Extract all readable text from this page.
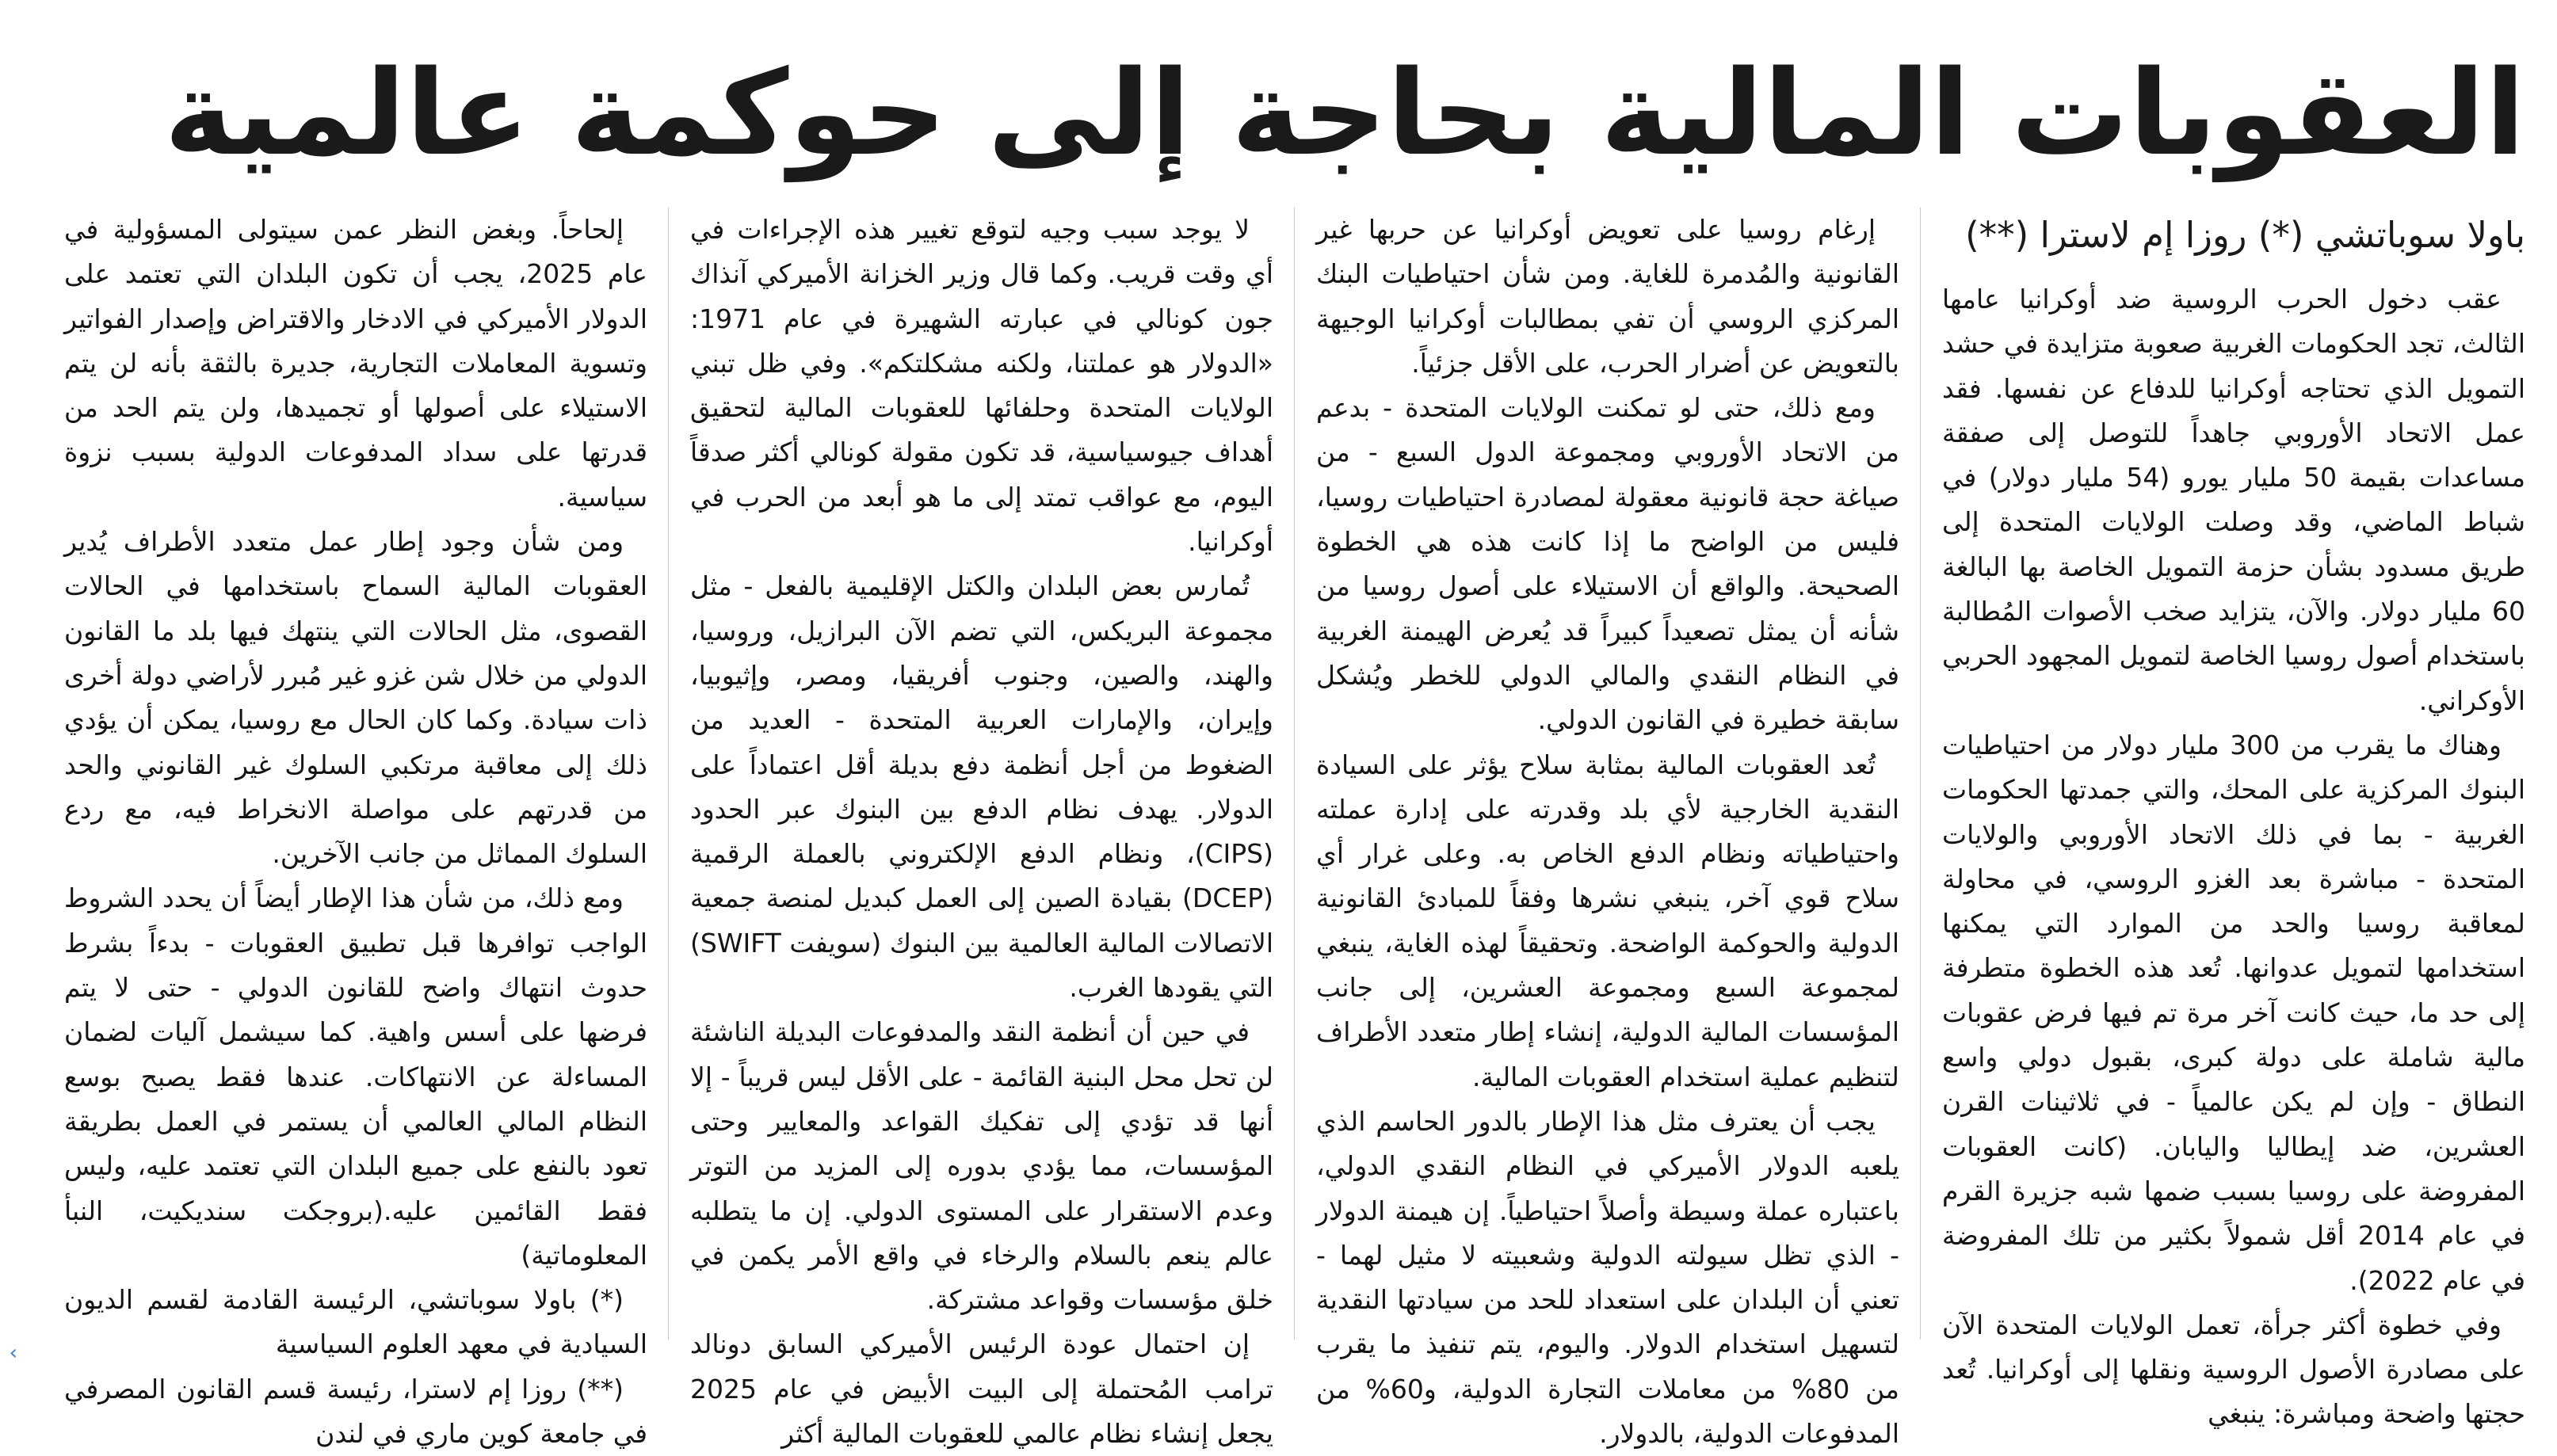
العقوبات المالية بحاجة إلى حوكمة عالمية
باولا سوباتشي (*) روزا إم لاسترا (**)

عقب دخول الحرب الروسية ضد أوكرانيا عامها الثالث، تجد الحكومات الغربية صعوبة متزايدة في حشد التمويل الذي تحتاجه أوكرانيا للدفاع عن نفسها. فقد عمل الاتحاد الأوروبي جاهداً للتوصل إلى صفقة مساعدات بقيمة 50 مليار يورو (54 مليار دولار) في شباط الماضي، وقد وصلت الولايات المتحدة إلى طريق مسدود بشأن حزمة التمويل الخاصة بها البالغة 60 مليار دولار. والآن، يتزايد صخب الأصوات المُطالبة باستخدام أصول روسيا الخاصة لتمويل المجهود الحربي الأوكراني.

وهناك ما يقرب من 300 مليار دولار من احتياطيات البنوك المركزية على المحك، والتي جمدتها الحكومات الغربية - بما في ذلك الاتحاد الأوروبي والولايات المتحدة - مباشرة بعد الغزو الروسي، في محاولة لمعاقبة روسيا والحد من الموارد التي يمكنها استخدامها لتمويل عدوانها. تُعد هذه الخطوة متطرفة إلى حد ما، حيث كانت آخر مرة تم فيها فرض عقوبات مالية شاملة على دولة كبرى، بقبول دولي واسع النطاق - وإن لم يكن عالمياً - في ثلاثينات القرن العشرين، ضد إيطاليا واليابان. (كانت العقوبات المفروضة على روسيا بسبب ضمها شبه جزيرة القرم في عام 2014 أقل شمولاً بكثير من تلك المفروضة في عام 2022).

وفي خطوة أكثر جرأة، تعمل الولايات المتحدة الآن على مصادرة الأصول الروسية ونقلها إلى أوكرانيا. تُعد حجتها واضحة ومباشرة: ينبغي

إرغام روسيا على تعويض أوكرانيا عن حربها غير القانونية والمُدمرة للغاية. ومن شأن احتياطيات البنك المركزي الروسي أن تفي بمطالبات أوكرانيا الوجيهة بالتعويض عن أضرار الحرب، على الأقل جزئياً.

ومع ذلك، حتى لو تمكنت الولايات المتحدة - بدعم من الاتحاد الأوروبي ومجموعة الدول السبع - من صياغة حجة قانونية معقولة لمصادرة احتياطيات روسيا، فليس من الواضح ما إذا كانت هذه هي الخطوة الصحيحة. والواقع أن الاستيلاء على أصول روسيا من شأنه أن يمثل تصعيداً كبيراً قد يُعرض الهيمنة الغربية في النظام النقدي والمالي الدولي للخطر ويُشكل سابقة خطيرة في القانون الدولي.

تُعد العقوبات المالية بمثابة سلاح يؤثر على السيادة النقدية الخارجية لأي بلد وقدرته على إدارة عملته واحتياطياته ونظام الدفع الخاص به. وعلى غرار أي سلاح قوي آخر، ينبغي نشرها وفقاً للمبادئ القانونية الدولية والحوكمة الواضحة. وتحقيقاً لهذه الغاية، ينبغي لمجموعة السبع ومجموعة العشرين، إلى جانب المؤسسات المالية الدولية، إنشاء إطار متعدد الأطراف لتنظيم عملية استخدام العقوبات المالية.

يجب أن يعترف مثل هذا الإطار بالدور الحاسم الذي يلعبه الدولار الأميركي في النظام النقدي الدولي، باعتباره عملة وسيطة وأصلاً احتياطياً. إن هيمنة الدولار - الذي تظل سيولته الدولية وشعبيته لا مثيل لهما - تعني أن البلدان على استعداد للحد من سيادتها النقدية لتسهيل استخدام الدولار. واليوم، يتم تنفيذ ما يقرب من 80% من معاملات التجارة الدولية، و60% من المدفوعات الدولية، بالدولار.

لا يوجد سبب وجيه لتوقع تغيير هذه الإجراءات في أي وقت قريب. وكما قال وزير الخزانة الأميركي آنذاك جون كونالي في عبارته الشهيرة في عام 1971: «الدولار هو عملتنا، ولكنه مشكلتكم». وفي ظل تبني الولايات المتحدة وحلفائها للعقوبات المالية لتحقيق أهداف جيوسياسية، قد تكون مقولة كونالي أكثر صدقاً اليوم، مع عواقب تمتد إلى ما هو أبعد من الحرب في أوكرانيا.

تُمارس بعض البلدان والكتل الإقليمية بالفعل - مثل مجموعة البريكس، التي تضم الآن البرازيل، وروسيا، والهند، والصين، وجنوب أفريقيا، ومصر، وإثيوبيا، وإيران، والإمارات العربية المتحدة - العديد من الضغوط من أجل أنظمة دفع بديلة أقل اعتماداً على الدولار. يهدف نظام الدفع بين البنوك عبر الحدود (CIPS)، ونظام الدفع الإلكتروني بالعملة الرقمية (DCEP) بقيادة الصين إلى العمل كبديل لمنصة جمعية الاتصالات المالية العالمية بين البنوك (سويفت SWIFT) التي يقودها الغرب.

في حين أن أنظمة النقد والمدفوعات البديلة الناشئة لن تحل محل البنية القائمة - على الأقل ليس قريباً - إلا أنها قد تؤدي إلى تفكيك القواعد والمعايير وحتى المؤسسات، مما يؤدي بدوره إلى المزيد من التوتر وعدم الاستقرار على المستوى الدولي. إن ما يتطلبه عالم ينعم بالسلام والرخاء في واقع الأمر يكمن في خلق مؤسسات وقواعد مشتركة.

إن احتمال عودة الرئيس الأميركي السابق دونالد ترامب المُحتملة إلى البيت الأبيض في عام 2025 يجعل إنشاء نظام عالمي للعقوبات المالية أكثر

إلحاحاً. وبغض النظر عمن سيتولى المسؤولية في عام 2025، يجب أن تكون البلدان التي تعتمد على الدولار الأميركي في الادخار والاقتراض وإصدار الفواتير وتسوية المعاملات التجارية، جديرة بالثقة بأنه لن يتم الاستيلاء على أصولها أو تجميدها، ولن يتم الحد من قدرتها على سداد المدفوعات الدولية بسبب نزوة سياسية.

ومن شأن وجود إطار عمل متعدد الأطراف يُدير العقوبات المالية السماح باستخدامها في الحالات القصوى، مثل الحالات التي ينتهك فيها بلد ما القانون الدولي من خلال شن غزو غير مُبرر لأراضي دولة أخرى ذات سيادة. وكما كان الحال مع روسيا، يمكن أن يؤدي ذلك إلى معاقبة مرتكبي السلوك غير القانوني والحد من قدرتهم على مواصلة الانخراط فيه، مع ردع السلوك المماثل من جانب الآخرين.

ومع ذلك، من شأن هذا الإطار أيضاً أن يحدد الشروط الواجب توافرها قبل تطبيق العقوبات - بدءاً بشرط حدوث انتهاك واضح للقانون الدولي - حتى لا يتم فرضها على أسس واهية. كما سيشمل آليات لضمان المساءلة عن الانتهاكات. عندها فقط يصبح بوسع النظام المالي العالمي أن يستمر في العمل بطريقة تعود بالنفع على جميع البلدان التي تعتمد عليه، وليس فقط القائمين عليه.(بروجكت سنديكيت، النبأ المعلوماتية)

(*) باولا سوباتشي، الرئيسة القادمة لقسم الديون السيادية في معهد العلوم السياسية

(**) روزا إم لاسترا، رئيسة قسم القانون المصرفي في جامعة كوين ماري في لندن

›
